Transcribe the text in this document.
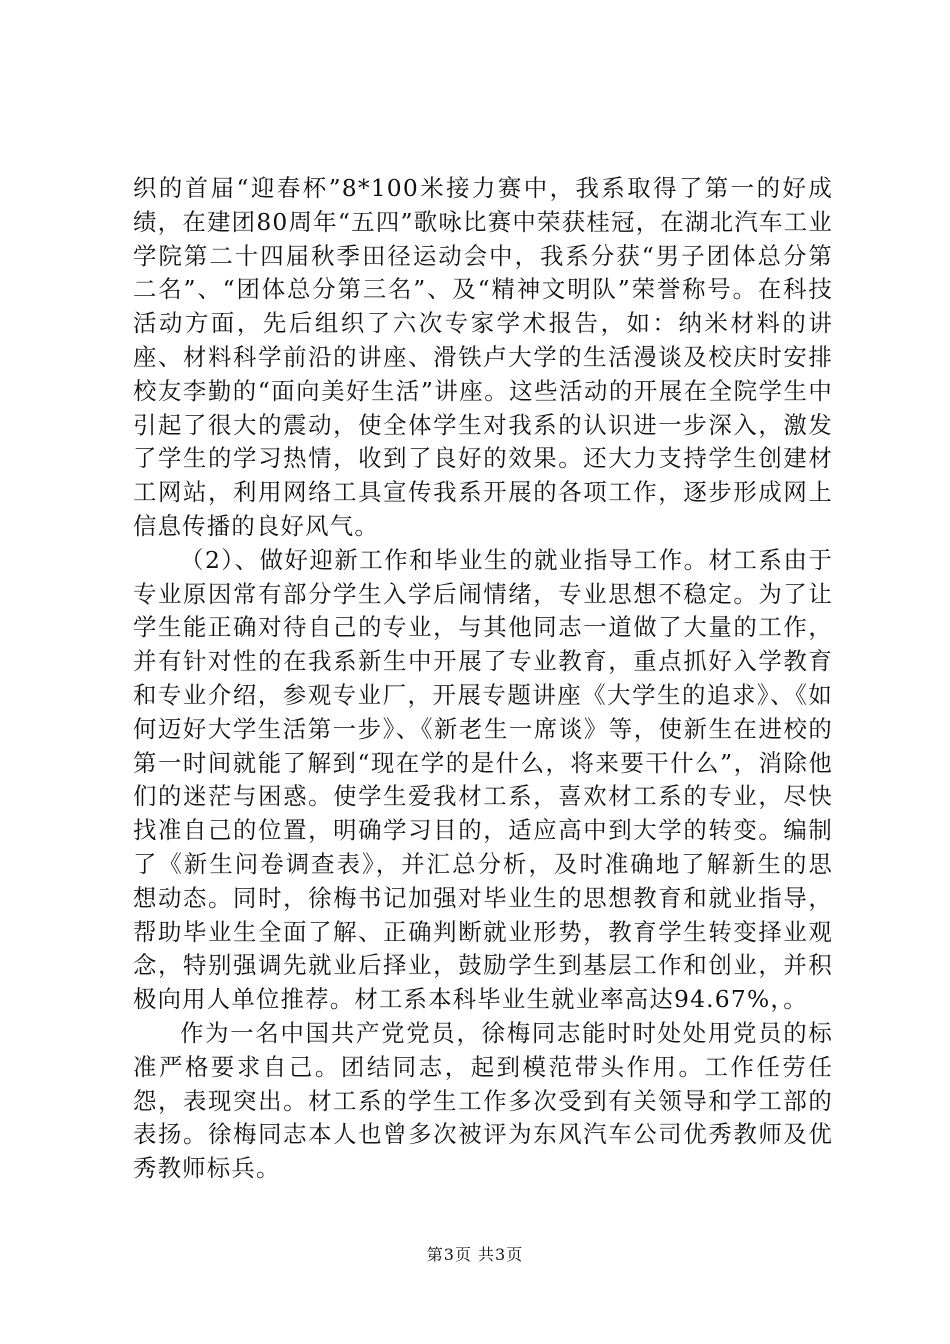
织的首届“迎春杯”8*100米接力赛中，我系取得了第一的好成绩，在建团80周年“五四”歌咏比赛中荣获桂冠，在湖北汽车工业学院第二十四届秋季田径运动会中，我系分获“男子团体总分第二名”、“团体总分第三名”、及“精神文明队”荣誉称号。在科技活动方面，先后组织了六次专家学术报告，如：纳米材料的讲座、材料科学前沿的讲座、滑铁卢大学的生活漫谈及校庆时安排校友李勤的“面向美好生活”讲座。这些活动的开展在全院学生中引起了很大的震动，使全体学生对我系的认识进一步深入，激发了学生的学习热情，收到了良好的效果。还大力支持学生创建材工网站，利用网络工具宣传我系开展的各项工作，逐步形成网上信息传播的良好风气。

（2）、做好迎新工作和毕业生的就业指导工作。材工系由于专业原因常有部分学生入学后闹情绪，专业思想不稳定。为了让学生能正确对待自己的专业，与其他同志一道做了大量的工作，并有针对性的在我系新生中开展了专业教育，重点抓好入学教育和专业介绍，参观专业厂，开展专题讲座《大学生的追求》、《如何迈好大学生活第一步》、《新老生一席谈》等，使新生在进校的第一时间就能了解到“现在学的是什么，将来要干什么”，消除他们的迷茫与困惑。使学生爱我材工系，喜欢材工系的专业，尽快找准自己的位置，明确学习目的，适应高中到大学的转变。编制了《新生问卷调查表》，并汇总分析，及时准确地了解新生的思想动态。同时，徐梅书记加强对毕业生的思想教育和就业指导，帮助毕业生全面了解、正确判断就业形势，教育学生转变择业观念，特别强调先就业后择业，鼓励学生到基层工作和创业，并积极向用人单位推荐。材工系本科毕业生就业率高达94.67%，。

作为一名中国共产党党员，徐梅同志能时时处处用党员的标准严格要求自己。团结同志，起到模范带头作用。工作任劳任怨，表现突出。材工系的学生工作多次受到有关领导和学工部的表扬。徐梅同志本人也曾多次被评为东风汽车公司优秀教师及优秀教师标兵。

第3页 共3页
